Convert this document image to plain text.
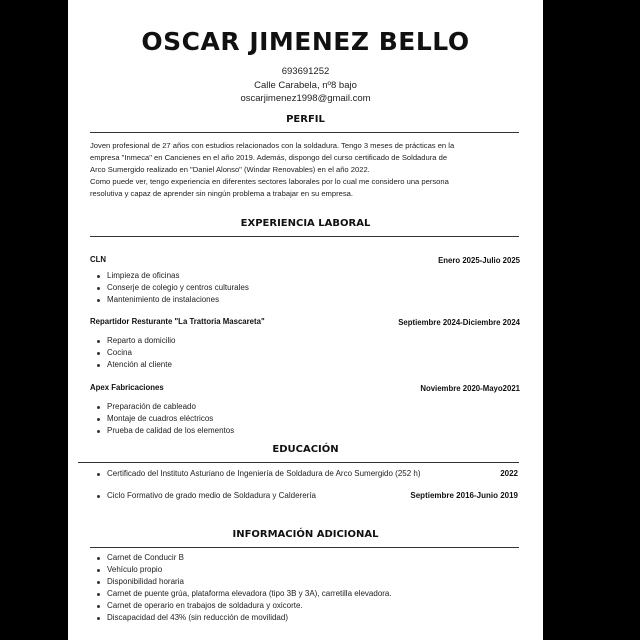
OSCAR JIMENEZ BELLO
693691252
Calle Carabela, nº8 bajo
oscarjimenez1998@gmail.com
PERFIL
Joven profesional de 27 años con estudios relacionados con la soldadura. Tengo 3 meses de prácticas en la
empresa "Inmeca" en Cancienes en el año 2019. Además, dispongo del curso certificado de Soldadura de
Arco Sumergido realizado en "Daniel Alonso" (Windar Renovables) en el año 2022.
Como puede ver, tengo experiencia en diferentes sectores laborales por lo cual me considero una persona
resolutiva y capaz de aprender sin ningún problema a trabajar en su empresa.
EXPERIENCIA LABORAL
CLN	Enero 2025-Julio 2025
Limpieza de oficinas
Conserje de colegio y centros culturales
Mantenimiento de instalaciones
Repartidor Resturante "La Trattoria Mascareta"	Septiembre 2024-Diciembre 2024
Reparto a domicilio
Cocina
Atención al cliente
Apex Fabricaciones	Noviembre 2020-Mayo2021
Preparación de cableado
Montaje de cuadros eléctricos
Prueba de calidad de los elementos
EDUCACIÓN
Certificado del Instituto Asturiano de Ingeniería de Soldadura de Arco Sumergido (252 h)	2022
Ciclo Formativo de grado medio de Soldadura y Calderería	Septiembre 2016-Junio 2019
INFORMACIÓN ADICIONAL
Carnet de Conducir B
Vehículo propio
Disponibilidad horaria
Carnet de puente grúa, plataforma elevadora (tipo 3B y 3A), carretilla elevadora.
Carnet de operario en trabajos de soldadura y oxicorte.
Discapacidad del 43% (sin reducción de movilidad)
